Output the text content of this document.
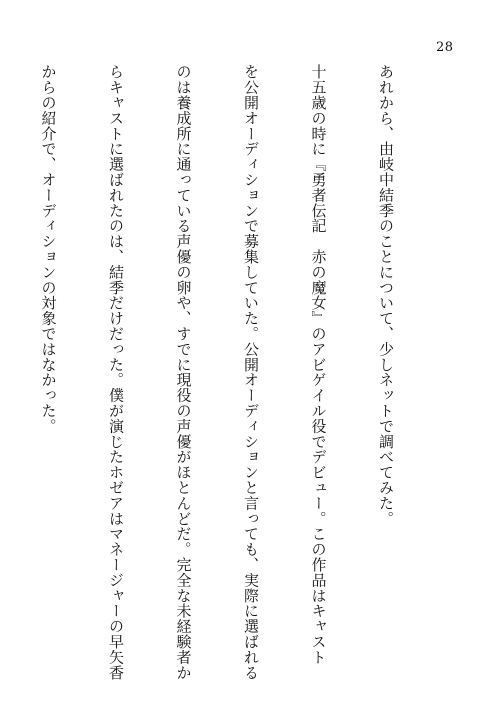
28

あれから、由岐中結季のことについて、少しネットで調べてみた。

十五歳の時に『勇者伝記　赤の魔女』のアビゲイル役でデビュー。この作品はキャスト

を公開オーディションで募集していた。公開オーディションと言っても、実際に選ばれる

のは養成所に通っている声優の卵や、すでに現役の声優がほとんどだ。完全な未経験者か

らキャストに選ばれたのは、結季だけだった。僕が演じたホゼアはマネージャーの早矢香

からの紹介で、オーディションの対象ではなかった。
